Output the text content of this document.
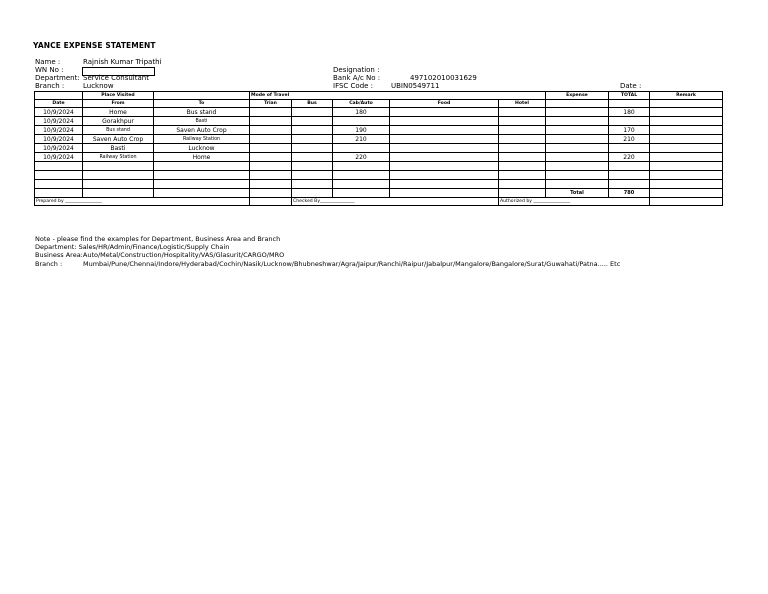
YANCE EXPENSE STATEMENT
Name :	Rajnish Kumar Tripathi
WN No :
Department: Service Consultant
Branch :	Lucknow
Designation :
Bank A/c No :	497102010031629
IFSC Code :	UBIN0549711	Date :
	Place Visited		Mode of Travel					Expense	TOTAL	Remark
Date	From	To	Trian	Bus	Cab/Auto	Food	Hotel			
10/9/2024	Home	Bus stand			180				180	
10/9/2024	Gorakhpur	Basti								
10/9/2024	Bus stand	Saven Auto Crop			190				170	
10/9/2024	Saven Auto Crop	Railway Station			210				210	
10/9/2024	Basti	Lucknow								
10/9/2024	Railway Station	Home			220				220	

								Total	780	
Prepared by ________________				Checked By_______________			Authorized by ________________			
Note - please find the examples for Department, Business Area and Branch
Department: Sales/HR/Admin/Finance/Logistic/Supply Chain
Business Area:Auto/Metal/Construction/Hospitality/VAS/Glasurit/CARGO/MRO
Branch :	Mumbai/Pune/Chennai/Indore/Hyderabad/Cochin/Nasik/Lucknow/Bhubneshwar/Agra/Jaipur/Ranchi/Raipur/Jabalpur/Mangalore/Bangalore/Surat/Guwahati/Patna..... Etc
